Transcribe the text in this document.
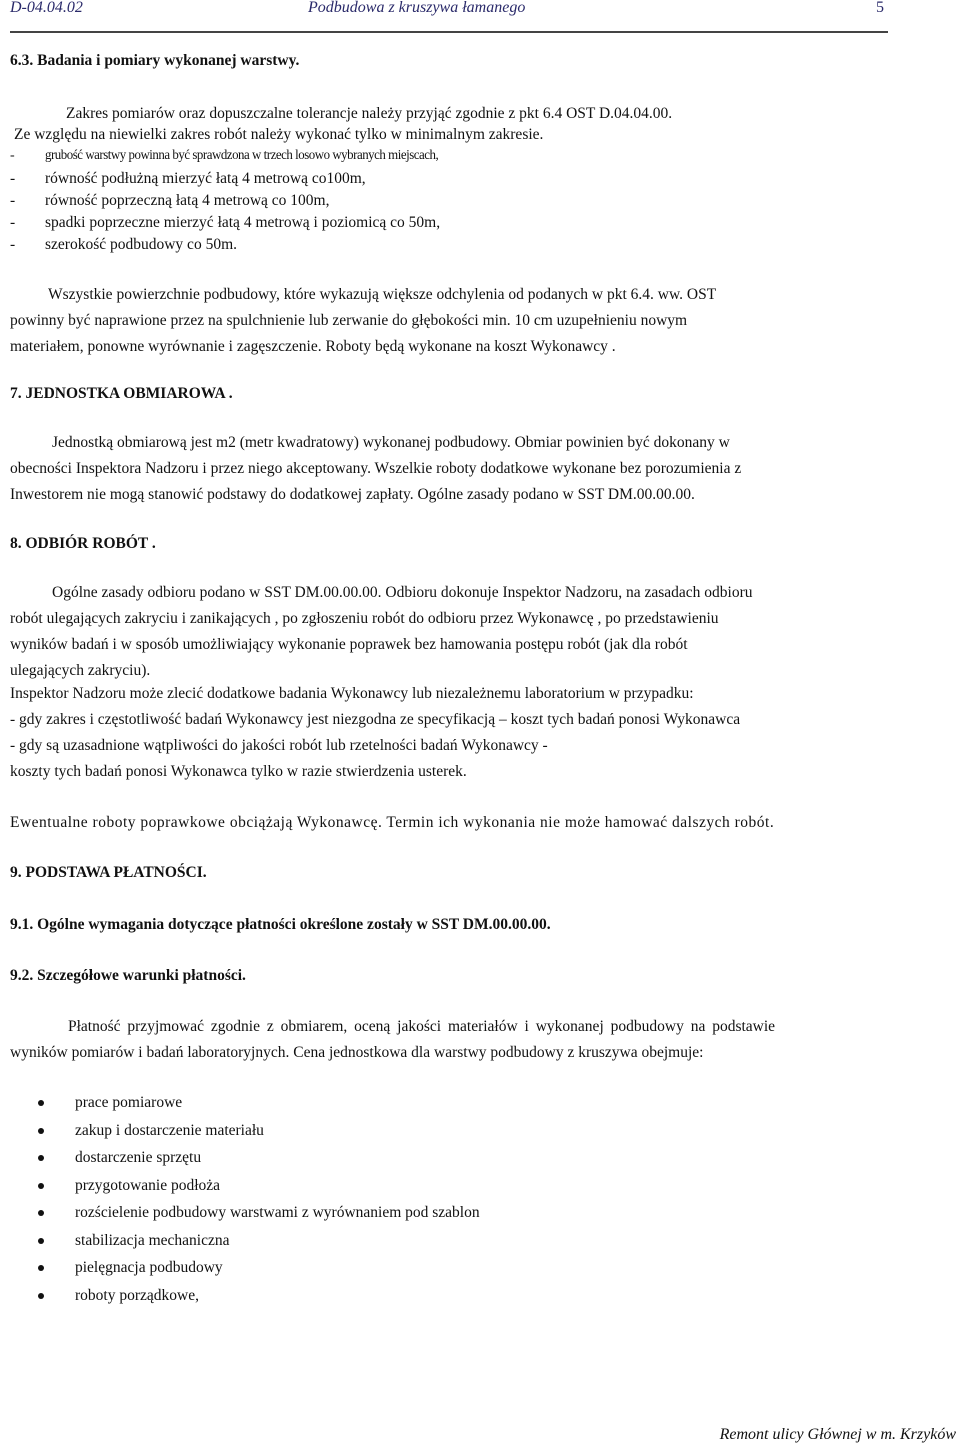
D-04.04.02	Podbudowa z kruszywa łamanego	5
6.3. Badania i pomiary wykonanej warstwy.
Zakres pomiarów oraz dopuszczalne tolerancje należy przyjąć zgodnie z pkt 6.4 OST D.04.04.00.
Ze względu na niewielki zakres robót należy wykonać tylko w minimalnym zakresie.
- grubość warstwy powinna być sprawdzona w trzech losowo wybranych miejscach,
- równość podłużną mierzyć łatą 4 metrową co100m,
- równość poprzeczną łatą 4 metrową co 100m,
- spadki poprzeczne mierzyć łatą 4 metrową i poziomicą co 50m,
- szerokość podbudowy co 50m.
Wszystkie powierzchnie podbudowy, które wykazują większe odchylenia od podanych w pkt 6.4. ww. OST
powinny być naprawione przez na spulchnienie lub zerwanie do głębokości min. 10 cm uzupełnieniu nowym
materiałem, ponowne wyrównanie i zagęszczenie. Roboty będą wykonane na koszt Wykonawcy .
7. JEDNOSTKA OBMIAROWA .
Jednostką obmiarową jest m2 (metr kwadratowy) wykonanej podbudowy. Obmiar powinien być dokonany w
obecności Inspektora Nadzoru i przez niego akceptowany. Wszelkie roboty dodatkowe wykonane bez porozumienia z
Inwestorem nie mogą stanowić podstawy do dodatkowej zapłaty. Ogólne zasady podano w SST DM.00.00.00.
8. ODBIÓR ROBÓT .
Ogólne zasady odbioru podano w SST DM.00.00.00. Odbioru dokonuje Inspektor Nadzoru, na zasadach odbioru
robót ulegających zakryciu i zanikających , po zgłoszeniu robót do odbioru przez Wykonawcę , po przedstawieniu
wyników badań i w sposób umożliwiający wykonanie poprawek bez hamowania postępu robót (jak dla robót
ulegających zakryciu).
Inspektor Nadzoru może zlecić dodatkowe badania Wykonawcy lub niezależnemu laboratorium w przypadku:
- gdy zakres i częstotliwość badań Wykonawcy jest niezgodna ze specyfikacją – koszt tych badań ponosi Wykonawca
- gdy są uzasadnione wątpliwości do jakości robót lub rzetelności badań Wykonawcy -
koszty tych badań ponosi Wykonawca tylko w razie stwierdzenia usterek.
Ewentualne roboty poprawkowe obciążają Wykonawcę. Termin ich wykonania nie może hamować dalszych robót.
9. PODSTAWA PŁATNOŚCI.
9.1. Ogólne wymagania dotyczące płatności określone zostały w SST DM.00.00.00.
9.2. Szczegółowe warunki płatności.
Płatność przyjmować zgodnie z obmiarem, oceną jakości materiałów i wykonanej podbudowy na podstawie
wyników pomiarów i badań laboratoryjnych. Cena jednostkowa dla warstwy podbudowy z kruszywa obejmuje:
prace pomiarowe
zakup i dostarczenie materiału
dostarczenie sprzętu
przygotowanie podłoża
rozścielenie podbudowy warstwami z wyrównaniem pod szablon
stabilizacja mechaniczna
pielęgnacja podbudowy
roboty porządkowe,
Remont ulicy Głównej w m. Krzyków
